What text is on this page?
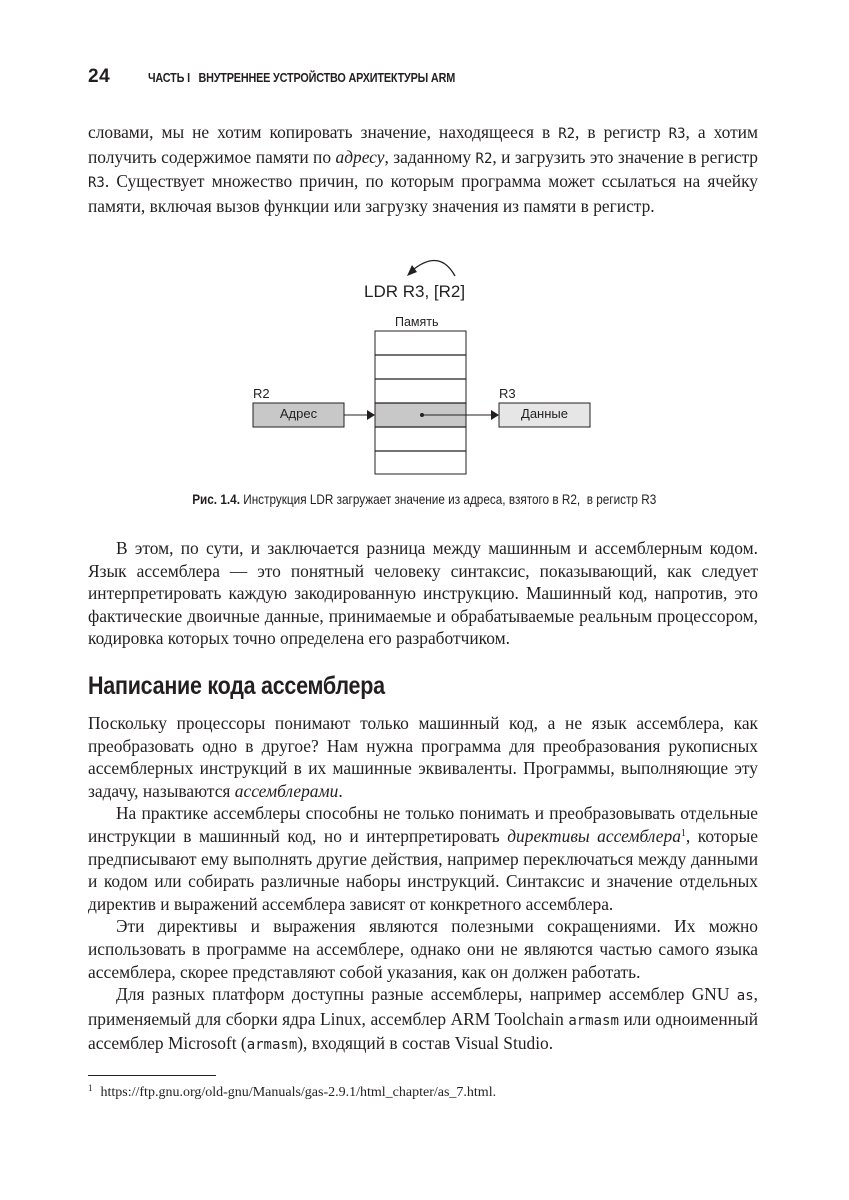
24	ЧАСТЬ I   ВНУТРЕННЕЕ УСТРОЙСТВО АРХИТЕКТУРЫ ARM

словами, мы не хотим копировать значение, находящееся в R2, в регистр R3, а хотим получить содержимое памяти по адресу, заданному R2, и загрузить это значение в регистр R3. Существует множество причин, по которым программа может ссылаться на ячейку памяти, включая вызов функции или загрузку значения из памяти в регистр.

LDR R3, [R2]
Память
R2
Адрес
R3
Данные
Рис. 1.4. Инструкция LDR загружает значение из адреса, взятого в R2,  в регистр R3

В этом, по сути, и заключается разница между машинным и ассемблерным кодом. Язык ассемблера — это понятный человеку синтаксис, показывающий, как следует интерпретировать каждую закодированную инструкцию. Машинный код, напротив, это фактические двоичные данные, принимаемые и обрабатываемые реальным процессором, кодировка которых точно определена его разработчиком.

Написание кода ассемблера

Поскольку процессоры понимают только машинный код, а не язык ассемблера, как преобразовать одно в другое? Нам нужна программа для преобразования рукописных ассемблерных инструкций в их машинные эквиваленты. Программы, выполняющие эту задачу, называются ассемблерами.

На практике ассемблеры способны не только понимать и преобразовывать отдельные инструкции в машинный код, но и интерпретировать директивы ассемблера$^1$, которые предписывают ему выполнять другие действия, например переключаться между данными и кодом или собирать различные наборы инструкций. Синтаксис и значение отдельных директив и выражений ассемблера зависят от конкретного ассемблера.

Эти директивы и выражения являются полезными сокращениями. Их можно использовать в программе на ассемблере, однако они не являются частью самого языка ассемблера, скорее представляют собой указания, как он должен работать.

Для разных платформ доступны разные ассемблеры, например ассемблер GNU as, применяемый для сборки ядра Linux, ассемблер ARM Toolchain armasm или одноименный ассемблер Microsoft (armasm), входящий в состав Visual Studio.

$^1$ https://ftp.gnu.org/old-gnu/Manuals/gas-2.9.1/html_chapter/as_7.html.
